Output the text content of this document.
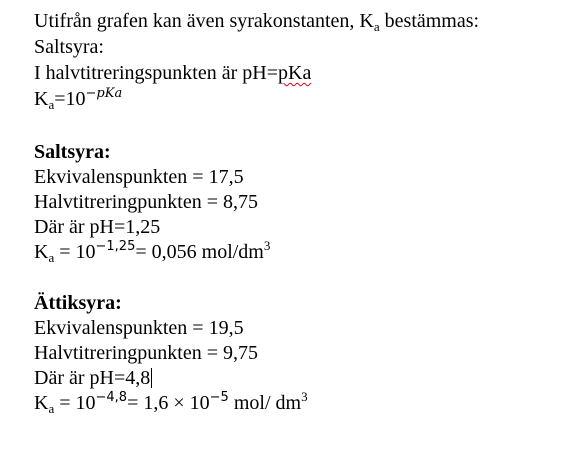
Utifrån grafen kan även syrakonstanten, $K_a$ bestämmas:
Saltsyra:
I halvtitreringspunkten är pH=pKa
$K_a=10^{-pKa}$
Saltsyra:
Ekvivalenspunkten = 17,5
Halvtitreringpunkten = 8,75
Där är pH=1,25
$K_a = 10^{-1,25}= 0,056$ mol/$dm^3$
Ättiksyra:
Ekvivalenspunkten = 19,5
Halvtitreringpunkten = 9,75
Där är pH=4,8
$K_a = 10^{-4,8}= 1,6 \times 10^{-5}$ mol/ $dm^3$
